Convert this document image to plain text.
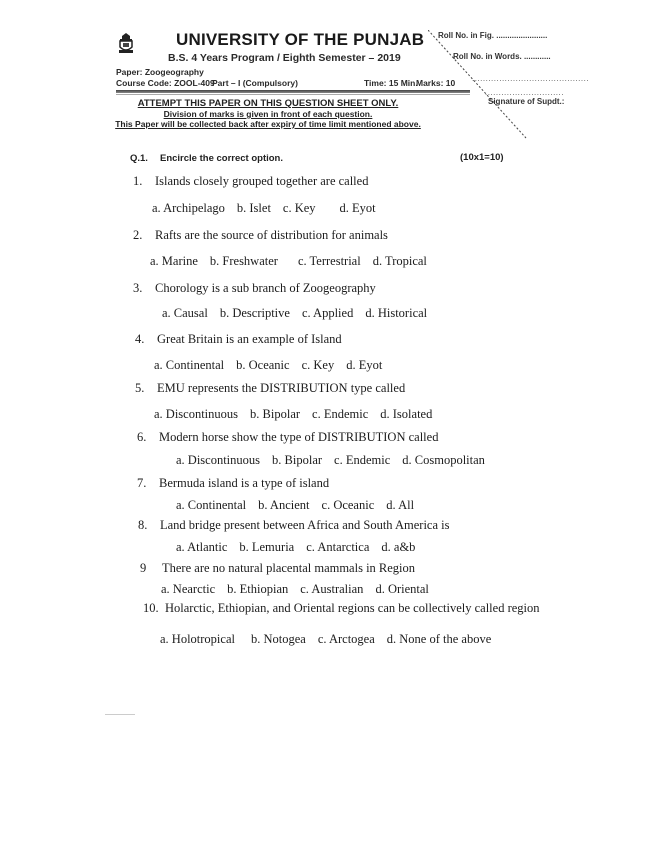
UNIVERSITY OF THE PUNJAB
B.S. 4 Years Program / Eighth Semester – 2019
Paper: Zoogeography
Course Code: ZOOL-409
Part – I (Compulsory)	Time: 15 Min.
Marks: 10
Roll No. in Fig. .......................
Roll No. in Words. ............
...........................................
.............................
Signature of Supdt.:
ATTEMPT THIS PAPER ON THIS QUESTION SHEET ONLY.
Division of marks is given in front of each question.
This Paper will be collected back after expiry of time limit mentioned above.
Q.1. Encircle the correct option.	(10x1=10)
1. Islands closely grouped together are called
a. Archipelago b. Islet c. Key d. Eyot
2. Rafts are the source of distribution for animals
a. Marine b. Freshwater c. Terrestrial d. Tropical
3. Chorology is a sub branch of Zoogeography
a. Causal b. Descriptive c. Applied d. Historical
4. Great Britain is an example of Island
a. Continental b. Oceanic c. Key d. Eyot
5. EMU represents the DISTRIBUTION type called
a. Discontinuous b. Bipolar c. Endemic d. Isolated
6. Modern horse show the type of DISTRIBUTION called
a. Discontinuous b. Bipolar c. Endemic d. Cosmopolitan
7. Bermuda island is a type of island
a. Continental b. Ancient c. Oceanic d. All
8. Land bridge present between Africa and South America is
a. Atlantic b. Lemuria c. Antarctica d. a&b
9 There are no natural placental mammals in Region
a. Nearctic b. Ethiopian c. Australian d. Oriental
10. Holarctic, Ethiopian, and Oriental regions can be collectively called region
a. Holotropical b. Notogea c. Arctogea d. None of the above
